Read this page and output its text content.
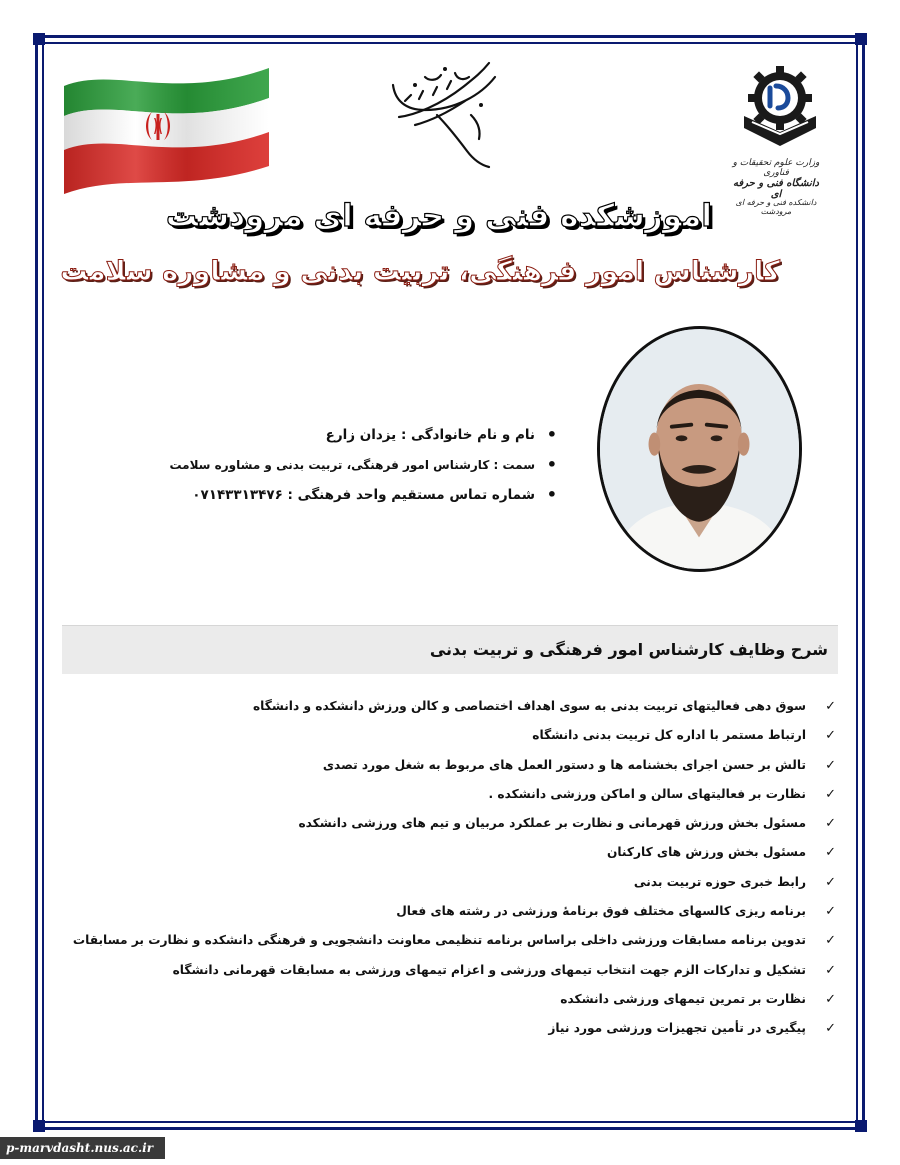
وزارت علوم تحقیقات و فناوری
دانشگاه فنی و حرفه ای
دانشکده فنی و حرفه ای مرودشت
اموزشکده فنی و حرفه ای مرودشت
کارشناس امور فرهنگی، تربیت بدنی و مشاوره سلامت
• نام و نام خانوادگی : یزدان زارع
• سمت : کارشناس امور فرهنگی، تربیت بدنی و مشاوره سلامت
• شماره تماس مستقیم واحد فرهنگی : ۰۷۱۴۳۳۱۳۴۷۶
شرح وظایف کارشناس امور فرهنگی و تربیت بدنی
✓
سوق دهی فعالیتهای تربیت بدنی به سوی اهداف اختصاصی و کالن ورزش دانشکده و دانشگاه
✓
ارتباط مستمر با اداره کل تربیت بدنی دانشگاه
✓
تالش بر حسن اجرای بخشنامه ها و دستور العمل های مربوط به شغل مورد تصدی
✓
نظارت بر فعالیتهای سالن و اماکن ورزشی دانشکده .
✓
مسئول بخش ورزش قهرمانی و نظارت بر عملکرد مربیان و تیم های ورزشی دانشکده
✓
مسئول بخش ورزش های کارکنان
✓
رابط خبری حوزه تربیت بدنی
✓
برنامه ریزی کالسهای مختلف فوق برنامۀ ورزشی در رشته های فعال
✓
تدوین برنامه مسابقات ورزشی داخلی براساس برنامه تنظیمی معاونت دانشجویی و فرهنگی دانشکده و نظارت بر مسابقات
✓
تشکیل و تدارکات الزم جهت انتخاب تیمهای ورزشی و اعزام تیمهای ورزشی به مسابقات قهرمانی دانشگاه
✓
نظارت بر تمرین تیمهای ورزشی دانشکده
✓
پیگیری در تأمین تجهیزات ورزشی مورد نیاز
p-marvdasht.nus.ac.ir
